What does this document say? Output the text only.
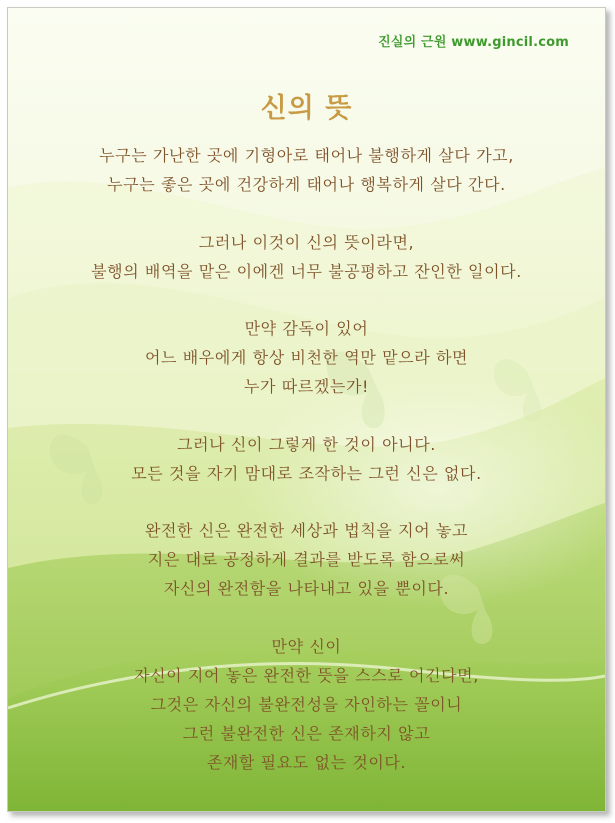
진실의 근원 www.gincil.com
신의 뜻
누구는 가난한 곳에 기형아로 태어나 불행하게 살다 가고,
누구는 좋은 곳에 건강하게 태어나 행복하게 살다 간다.
그러나 이것이 신의 뜻이라면,
불행의 배역을 맡은 이에겐 너무 불공평하고 잔인한 일이다.
만약 감독이 있어
어느 배우에게 항상 비천한 역만 맡으라 하면
누가 따르겠는가!
그러나 신이 그렇게 한 것이 아니다.
모든 것을 자기 맘대로 조작하는 그런 신은 없다.
완전한 신은 완전한 세상과 법칙을 지어 놓고
지은 대로 공정하게 결과를 받도록 함으로써
자신의 완전함을 나타내고 있을 뿐이다.
만약 신이
자신이 지어 놓은 완전한 뜻을 스스로 어긴다면,
그것은 자신의 불완전성을 자인하는 꼴이니
그런 불완전한 신은 존재하지 않고
존재할 필요도 없는 것이다.
